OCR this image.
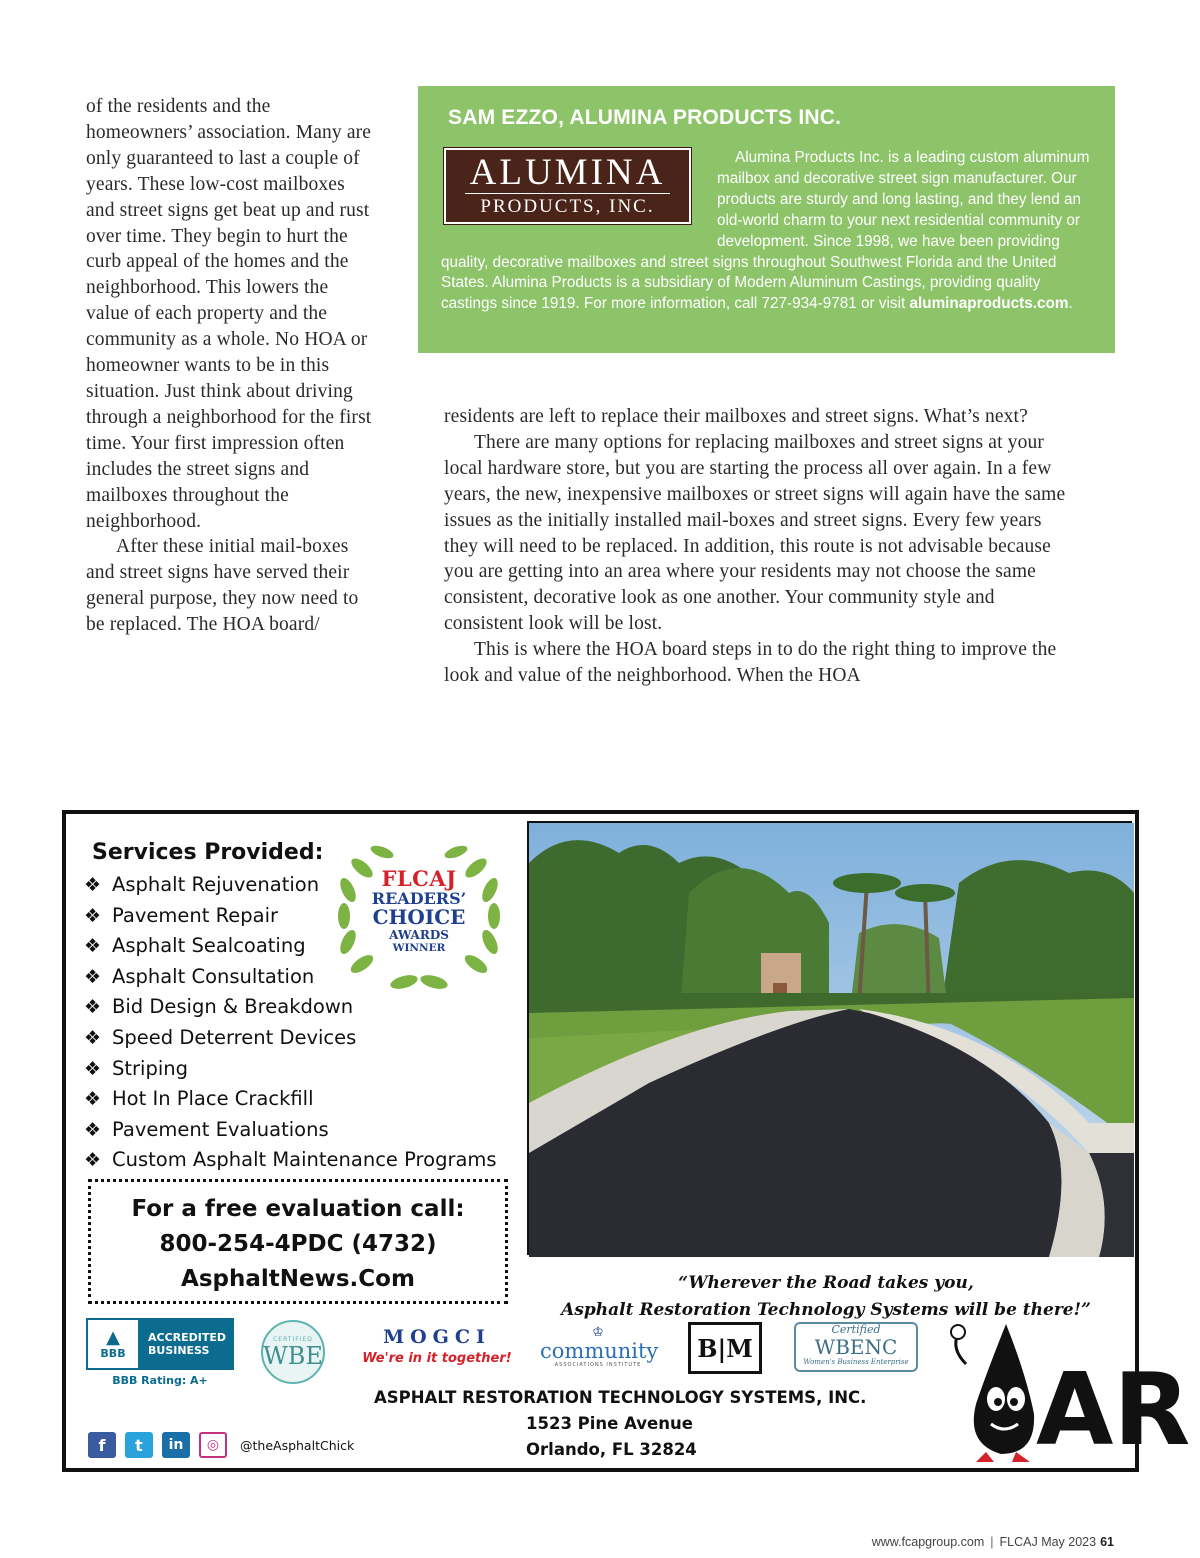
of the residents and the homeowners’ association. Many are only guaranteed to last a couple of years. These low-cost mailboxes and street signs get beat up and rust over time. They begin to hurt the curb appeal of the homes and the neighborhood. This lowers the value of each property and the community as a whole. No HOA or homeowner wants to be in this situation. Just think about driving through a neighborhood for the first time. Your first impression often includes the street signs and mailboxes throughout the neighborhood.

After these initial mail-boxes and street signs have served their general purpose, they now need to be replaced. The HOA board/

SAM EZZO, ALUMINA PRODUCTS INC.
ALUMINA
PRODUCTS, INC.
Alumina Products Inc. is a leading custom aluminum mailbox and decorative street sign manufacturer. Our products are sturdy and long lasting, and they lend an old-world charm to your next residential community or development. Since 1998, we have been providing quality, decorative mailboxes and street signs throughout Southwest Florida and the United States. Alumina Products is a subsidiary of Modern Aluminum Castings, providing quality castings since 1919. For more information, call 727-934-9781 or visit aluminaproducts.com.

residents are left to replace their mailboxes and street signs. What’s next?

There are many options for replacing mailboxes and street signs at your local hardware store, but you are starting the process all over again. In a few years, the new, inexpensive mailboxes or street signs will again have the same issues as the initially installed mail-boxes and street signs. Every few years they will need to be replaced. In addition, this route is not advisable because you are getting into an area where your residents may not choose the same consistent, decorative look as one another. Your community style and consistent look will be lost.

This is where the HOA board steps in to do the right thing to improve the look and value of the neighborhood. When the HOA

Services Provided:
❖ Asphalt Rejuvenation
❖ Pavement Repair
❖ Asphalt Sealcoating
❖ Asphalt Consultation
❖ Bid Design & Breakdown
❖ Speed Deterrent Devices
❖ Striping
❖ Hot In Place Crackfill
❖ Pavement Evaluations
❖ Custom Asphalt Maintenance Programs
FLCAJ
READERS’
CHOICE
AWARDS
WINNER
For a free evaluation call:
800-254-4PDC (4732)
AsphaltNews.Com	“Wherever the Road takes you,
Asphalt Restoration Technology Systems will be there!”
▲
BBB
ACCREDITED
BUSINESS
BBB Rating: A+
CERTIFIED
WBE
MOGCI
We're in it together!
♔
community
ASSOCIATIONS INSTITUTE
B|M
Certified
WBENC
Women's Business Enterprise
ASPHALT RESTORATION TECHNOLOGY SYSTEMS, INC.
1523 Pine Avenue
Orlando, FL 32824
f	t	in	◎	@theAsphaltChick	AR
www.fcapgroup.com | FLCAJ May 2023 61
